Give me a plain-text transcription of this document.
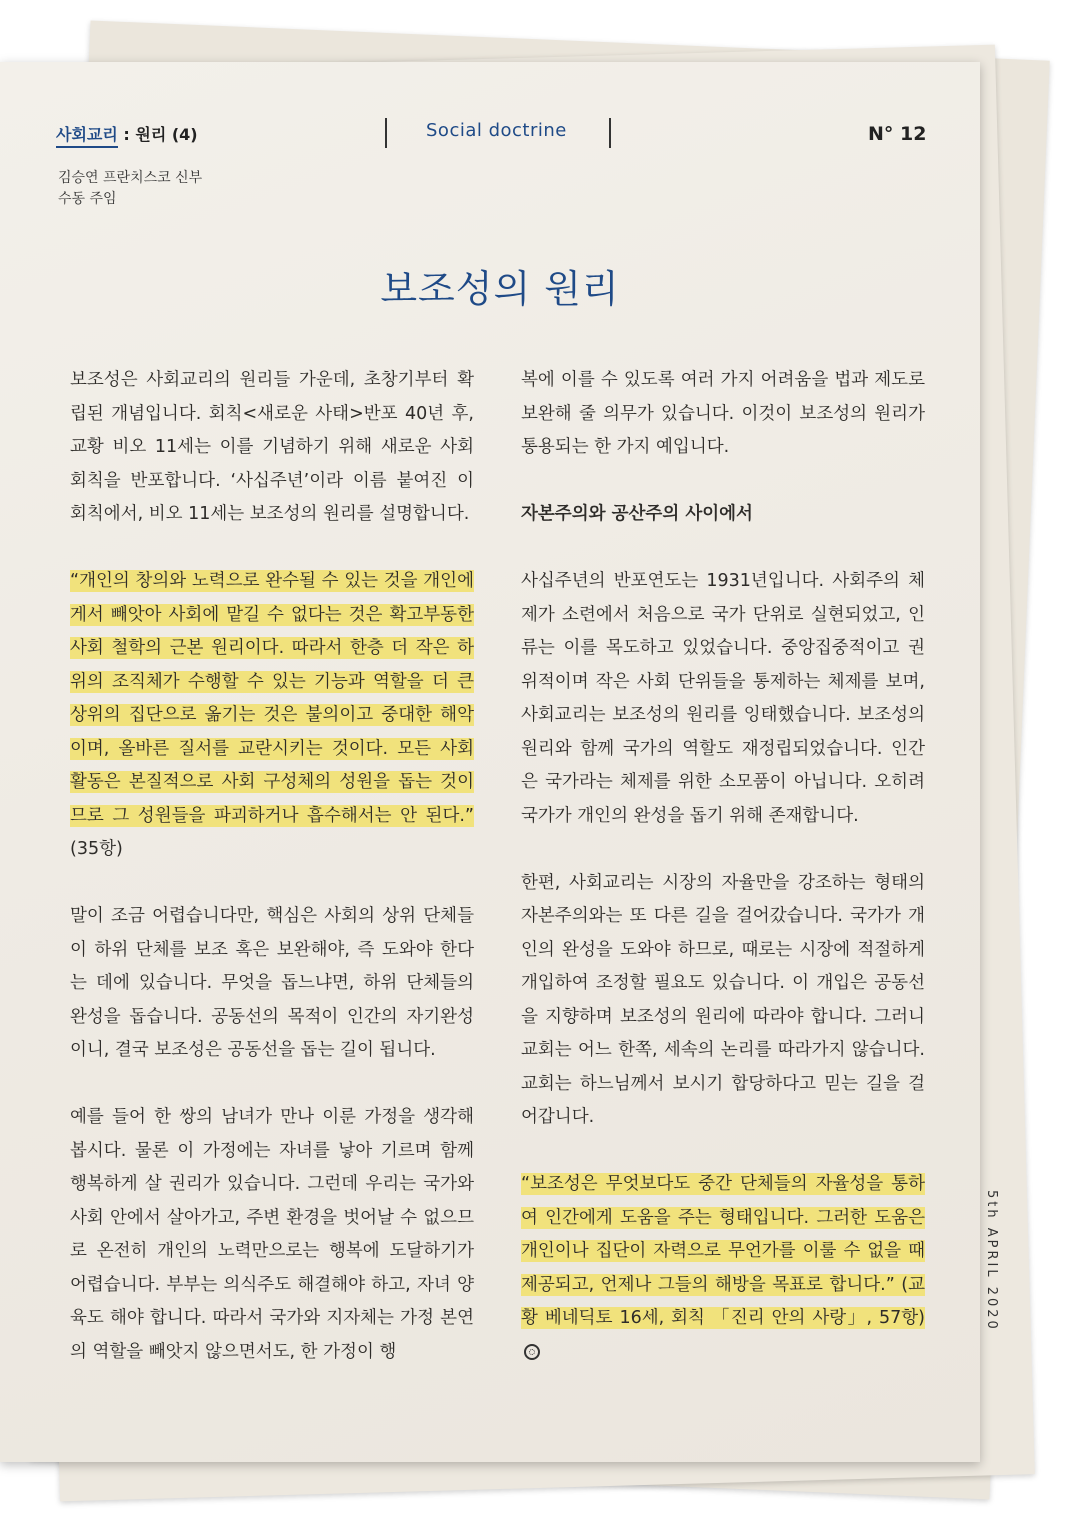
사회교리 : 원리 (4)	Social doctrine	N° 12
김승연 프란치스코 신부
수동 주임
보조성의 원리

보조성은 사회교리의 원리들 가운데, 초창기부터 확립된 개념입니다. 회칙<새로운 사태>반포 40년 후, 교황 비오 11세는 이를 기념하기 위해 새로운 사회 회칙을 반포합니다. ‘사십주년’이라 이름 붙여진 이 회칙에서, 비오 11세는 보조성의 원리를 설명합니다.

“개인의 창의와 노력으로 완수될 수 있는 것을 개인에게서 빼앗아 사회에 맡길 수 없다는 것은 확고부동한 사회 철학의 근본 원리이다. 따라서 한층 더 작은 하위의 조직체가 수행할 수 있는 기능과 역할을 더 큰 상위의 집단으로 옮기는 것은 불의이고 중대한 해악이며, 올바른 질서를 교란시키는 것이다. 모든 사회 활동은 본질적으로 사회 구성체의 성원을 돕는 것이므로 그 성원들을 파괴하거나 흡수해서는 안 된다.” (35항)

말이 조금 어렵습니다만, 핵심은 사회의 상위 단체들이 하위 단체를 보조 혹은 보완해야, 즉 도와야 한다는 데에 있습니다. 무엇을 돕느냐면, 하위 단체들의 완성을 돕습니다. 공동선의 목적이 인간의 자기완성이니, 결국 보조성은 공동선을 돕는 길이 됩니다.

예를 들어 한 쌍의 남녀가 만나 이룬 가정을 생각해 봅시다. 물론 이 가정에는 자녀를 낳아 기르며 함께 행복하게 살 권리가 있습니다. 그런데 우리는 국가와 사회 안에서 살아가고, 주변 환경을 벗어날 수 없으므로 온전히 개인의 노력만으로는 행복에 도달하기가 어렵습니다. 부부는 의식주도 해결해야 하고, 자녀 양육도 해야 합니다. 따라서 국가와 지자체는 가정 본연의 역할을 빼앗지 않으면서도, 한 가정이 행

복에 이를 수 있도록 여러 가지 어려움을 법과 제도로 보완해 줄 의무가 있습니다. 이것이 보조성의 원리가 통용되는 한 가지 예입니다.

자본주의와 공산주의 사이에서

사십주년의 반포연도는 1931년입니다. 사회주의 체제가 소련에서 처음으로 국가 단위로 실현되었고, 인류는 이를 목도하고 있었습니다. 중앙집중적이고 권위적이며 작은 사회 단위들을 통제하는 체제를 보며, 사회교리는 보조성의 원리를 잉태했습니다. 보조성의 원리와 함께 국가의 역할도 재정립되었습니다. 인간은 국가라는 체제를 위한 소모품이 아닙니다. 오히려 국가가 개인의 완성을 돕기 위해 존재합니다.

한편, 사회교리는 시장의 자율만을 강조하는 형태의 자본주의와는 또 다른 길을 걸어갔습니다. 국가가 개인의 완성을 도와야 하므로, 때로는 시장에 적절하게 개입하여 조정할 필요도 있습니다. 이 개입은 공동선을 지향하며 보조성의 원리에 따라야 합니다. 그러니 교회는 어느 한쪽, 세속의 논리를 따라가지 않습니다. 교회는 하느님께서 보시기 합당하다고 믿는 길을 걸어갑니다.

“보조성은 무엇보다도 중간 단체들의 자율성을 통하여 인간에게 도움을 주는 형태입니다. 그러한 도움은 개인이나 집단이 자력으로 무언가를 이룰 수 없을 때 제공되고, 언제나 그들의 해방을 목표로 합니다.” (교황 베네딕토 16세, 회칙 「진리 안의 사랑」, 57항)	5th APRIL 2020
